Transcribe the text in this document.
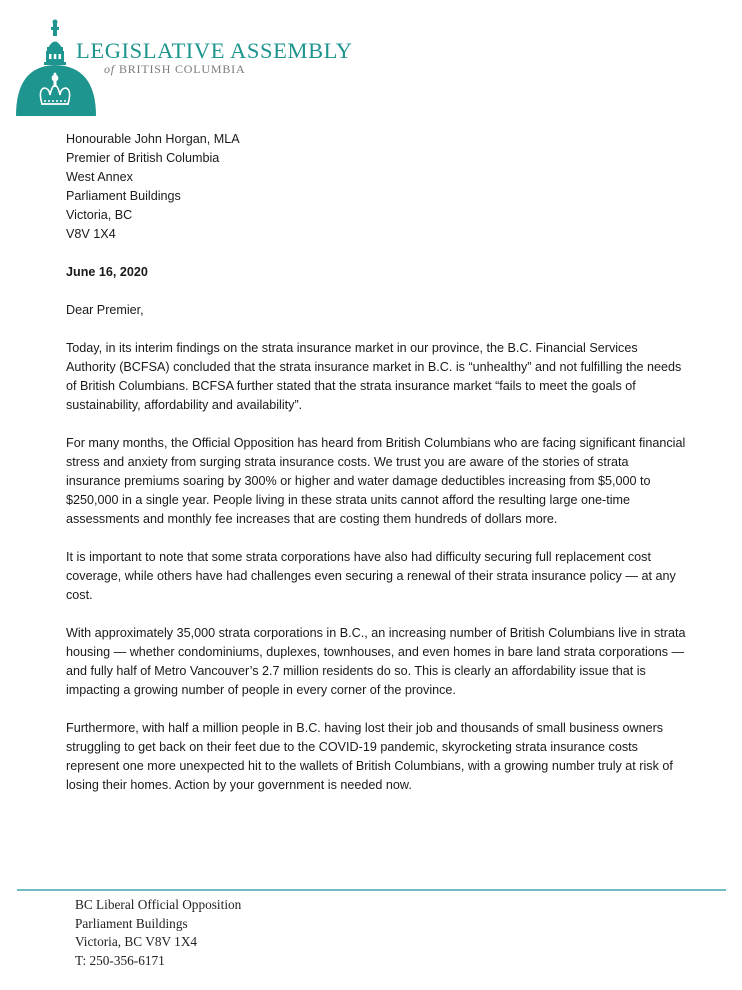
LEGISLATIVE ASSEMBLY
of BRITISH COLUMBIA
Honourable John Horgan, MLA
Premier of British Columbia
West Annex
Parliament Buildings
Victoria, BC
V8V 1X4
June 16, 2020
Dear Premier,

Today, in its interim findings on the strata insurance market in our province, the B.C. Financial Services Authority (BCFSA) concluded that the strata insurance market in B.C. is “unhealthy” and not fulfilling the needs of British Columbians. BCFSA further stated that the strata insurance market “fails to meet the goals of sustainability, affordability and availability”.

For many months, the Official Opposition has heard from British Columbians who are facing significant financial stress and anxiety from surging strata insurance costs. We trust you are aware of the stories of strata insurance premiums soaring by 300% or higher and water damage deductibles increasing from $5,000 to $250,000 in a single year. People living in these strata units cannot afford the resulting large one-time assessments and monthly fee increases that are costing them hundreds of dollars more.

It is important to note that some strata corporations have also had difficulty securing full replacement cost coverage, while others have had challenges even securing a renewal of their strata insurance policy — at any cost.

With approximately 35,000 strata corporations in B.C., an increasing number of British Columbians live in strata housing — whether condominiums, duplexes, townhouses, and even homes in bare land strata corporations — and fully half of Metro Vancouver’s 2.7 million residents do so. This is clearly an affordability issue that is impacting a growing number of people in every corner of the province.

Furthermore, with half a million people in B.C. having lost their job and thousands of small business owners struggling to get back on their feet due to the COVID-19 pandemic, skyrocketing strata insurance costs represent one more unexpected hit to the wallets of British Columbians, with a growing number truly at risk of losing their homes. Action by your government is needed now.

BC Liberal Official Opposition
Parliament Buildings
Victoria, BC V8V 1X4
T: 250-356-6171
